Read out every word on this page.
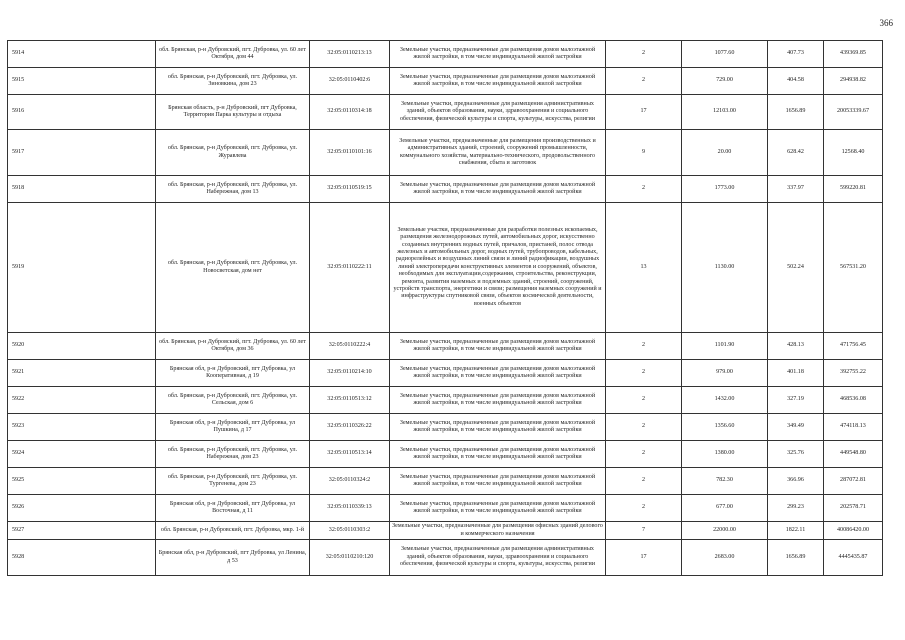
366
5914	обл. Брянская, р-н Дубровский, пгт. Дубровка, ул. 60 лет Октября, дом 44	32:05:0110213:13	Земельные участки, предназначенные для размещения домов малоэтажной жилой застройки, в том числе индивидуальной жилой застройки	2	1077.60	407.73	439369.85
5915	обл. Брянская, р-н Дубровский, пгт. Дубровка, ул. Зиновкина, дом 23	32:05:0110402:6	Земельные участки, предназначенные для размещения домов малоэтажной жилой застройки, в том числе индивидуальной жилой застройки	2	729.00	404.58	294938.82
5916	Брянская область, р-н Дубровский, пгт Дубровка, Территория Парка культуры и отдыха	32:05:0110314:18	Земельные участки, предназначенные для размещения административных зданий, объектов образования, науки, здравоохранения и социального обеспечения, физической культуры и спорта, культуры, искусства, религии	17	12103.00	1656.89	20053339.67
5917	обл. Брянская, р-н Дубровский, пгт. Дубровка, ул. Журавлева	32:05:0110101:16	Земельные участки, предназначенные для размещения производственных и административных зданий, строений, сооружений промышленности, коммунального хозяйства, материально-технического, продовольственного снабжения, сбыта и заготовок	9	20.00	628.42	12568.40
5918	обл. Брянская, р-н Дубровский, пгт. Дубровка, ул. Набережная, дом 13	32:05:0110519:15	Земельные участки, предназначенные для размещения домов малоэтажной жилой застройки, в том числе индивидуальной жилой застройки	2	1773.00	337.97	599220.81
5919	обл. Брянская, р-н Дубровский, пгт. Дубровка, ул. Новосветская, дом нет	32:05:0110222:11	Земельные участки, предназначенные для разработки полезных ископаемых, размещения железнодорожных путей, автомобильных дорог, искусственно созданных внутренних водных путей, причалов, пристаней, полос отвода железных и автомобильных дорог, водных путей, трубопроводов, кабельных, радиорелейных и воздушных линий связи и линий радиофикации, воздушных линий электропередачи конструктивных элементов и сооружений, объектов, необходимых для эксплуатации,содержания, строительства, реконструкции, ремонта, развития наземных и подземных зданий, строений, сооружений, устройств транспорта, энергетики и связи; размещения наземных сооружений и инфраструктуры спутниковой связи, объектов космической деятельности, военных объектов	13	1130.00	502.24	567531.20
5920	обл. Брянская, р-н Дубровский, пгт. Дубровка, ул. 60 лет Октября, дом 36	32:05:0110222:4	Земельные участки, предназначенные для размещения домов малоэтажной жилой застройки, в том числе индивидуальной жилой застройки	2	1101.90	428.13	471756.45
5921	Брянская обл, р-н Дубровский, пгт Дубровка, ул Кооперативная, д 19	32:05:0110214:10	Земельные участки, предназначенные для размещения домов малоэтажной жилой застройки, в том числе индивидуальной жилой застройки	2	979.00	401.18	392755.22
5922	обл. Брянская, р-н Дубровский, пгт. Дубровка, ул. Сельская, дом 6	32:05:0110513:12	Земельные участки, предназначенные для размещения домов малоэтажной жилой застройки, в том числе индивидуальной жилой застройки	2	1432.00	327.19	468536.08
5923	Брянская обл, р-н Дубровский, пгт Дубровка, ул Пушкина, д 17	32:05:0110326:22	Земельные участки, предназначенные для размещения домов малоэтажной жилой застройки, в том числе индивидуальной жилой застройки	2	1356.60	349.49	474118.13
5924	обл. Брянская, р-н Дубровский, пгт. Дубровка, ул. Набережная, дом 23	32:05:0110513:14	Земельные участки, предназначенные для размещения домов малоэтажной жилой застройки, в том числе индивидуальной жилой застройки	2	1380.00	325.76	449548.80
5925	обл. Брянская, р-н Дубровский, пгт. Дубровка, ул. Тургенева, дом 23	32:05:0110324:2	Земельные участки, предназначенные для размещения домов малоэтажной жилой застройки, в том числе индивидуальной жилой застройки	2	782.30	366.96	287072.81
5926	Брянская обл, р-н Дубровский, пгт Дубровка, ул Восточная, д 11	32:05:0110339:13	Земельные участки, предназначенные для размещения домов малоэтажной жилой застройки, в том числе индивидуальной жилой застройки	2	677.00	299.23	202578.71
5927	обл. Брянская, р-н Дубровский, пгт. Дубровка, мкр. 1-й	32:05:0110303:2	Земельные участки, предназначенные для размещения офисных зданий делового и коммерческого назначения	7	22000.00	1822.11	40086420.00
5928	Брянская обл, р-н Дубровский, пгт Дубровка, ул Ленина, д 53	32:05:0110210:120	Земельные участки, предназначенные для размещения административных зданий, объектов образования, науки, здравоохранения и социального обеспечения, физической культуры и спорта, культуры, искусства, религии	17	2683.00	1656.89	4445435.87
